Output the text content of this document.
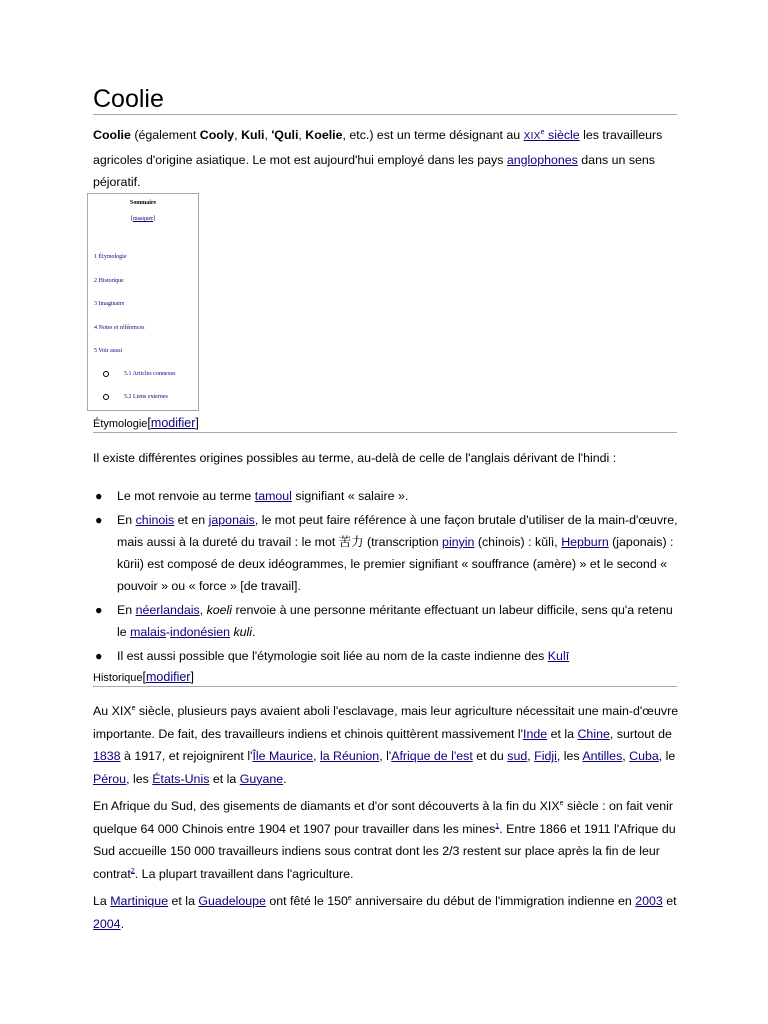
Coolie

Coolie (également Cooly, Kuli, 'Quli, Koelie, etc.) est un terme désignant au XIXe siècle les travailleurs agricoles d'origine asiatique. Le mot est aujourd'hui employé dans les pays anglophones dans un sens péjoratif.

Sommaire
[masquer]
1 Étymologie
2 Historique
3 Imaginaire
4 Notes et références
5 Voir aussi
5.1 Articles connexes
5.2 Liens externes
Étymologie[modifier]

Il existe différentes origines possibles au terme, au-delà de celle de l'anglais dérivant de l'hindi :

● Le mot renvoie au terme tamoul signifiant « salaire ».
● En chinois et en japonais, le mot peut faire référence à une façon brutale d'utiliser de la main-d'œuvre, mais aussi à la dureté du travail : le mot 苦力 (transcription pinyin (chinois) : kǔlì, Hepburn (japonais) : kūrii) est composé de deux idéogrammes, le premier signifiant « souffrance (amère) » et le second « pouvoir » ou « force » [de travail].
● En néerlandais, koeli renvoie à une personne méritante effectuant un labeur difficile, sens qu'a retenu le malais-indonésien kuli.
● Il est aussi possible que l'étymologie soit liée au nom de la caste indienne des Kulī
Historique[modifier]

Au XIXe siècle, plusieurs pays avaient aboli l'esclavage, mais leur agriculture nécessitait une main-d'œuvre importante. De fait, des travailleurs indiens et chinois quittèrent massivement l'Inde et la Chine, surtout de 1838 à 1917, et rejoignirent l'Île Maurice, la Réunion, l'Afrique de l'est et du sud, Fidji, les Antilles, Cuba, le Pérou, les États-Unis et la Guyane.

En Afrique du Sud, des gisements de diamants et d'or sont découverts à la fin du XIXe siècle : on fait venir quelque 64 000 Chinois entre 1904 et 1907 pour travailler dans les mines$^1$. Entre 1866 et 1911 l'Afrique du Sud accueille 150 000 travailleurs indiens sous contrat dont les 2/3 restent sur place après la fin de leur contrat$^2$. La plupart travaillent dans l'agriculture.

La Martinique et la Guadeloupe ont fêté le 150e anniversaire du début de l'immigration indienne en 2003 et 2004.
